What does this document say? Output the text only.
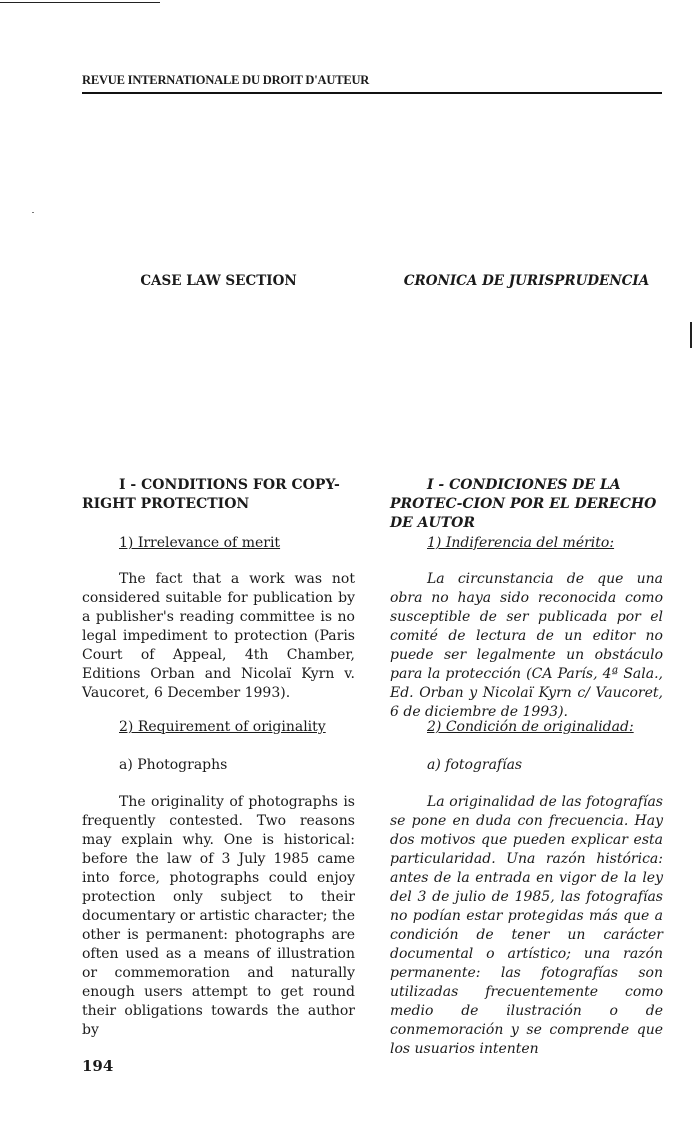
REVUE INTERNATIONALE DU DROIT D'AUTEUR
CASE LAW SECTION
I - CONDITIONS FOR COPY-RIGHT PROTECTION

1) Irrelevance of merit

The fact that a work was not considered suitable for publication by a publisher's reading committee is no legal impediment to protection (Paris Court of Appeal, 4th Chamber, Editions Orban and Nicolaï Kyrn v. Vaucoret, 6 December 1993).

2) Requirement of originality

a) Photographs

The originality of photographs is frequently contested. Two reasons may explain why. One is historical: before the law of 3 July 1985 came into force, photographs could enjoy protection only subject to their documentary or artistic character; the other is permanent: photographs are often used as a means of illustration or commemoration and naturally enough users attempt to get round their obligations towards the author by

CRONICA DE JURISPRUDENCIA
I - CONDICIONES DE LA PROTEC-CION POR EL DERECHO DE AUTOR

1) Indiferencia del mérito:

La circunstancia de que una obra no haya sido reconocida como susceptible de ser publicada por el comité de lectura de un editor no puede ser legalmente un obstáculo para la protección (CA París, 4ª Sala., Ed. Orban y Nicolaï Kyrn c/ Vaucoret, 6 de diciembre de 1993).

2) Condición de originalidad:

a) fotografías

La originalidad de las fotografías se pone en duda con frecuencia. Hay dos motivos que pueden explicar esta particularidad. Una razón histórica: antes de la entrada en vigor de la ley del 3 de julio de 1985, las fotografías no podían estar protegidas más que a condición de tener un carácter documental o artístico; una razón permanente: las fotografías son utilizadas frecuentemente como medio de ilustración o de conmemoración y se comprende que los usuarios intenten

194
